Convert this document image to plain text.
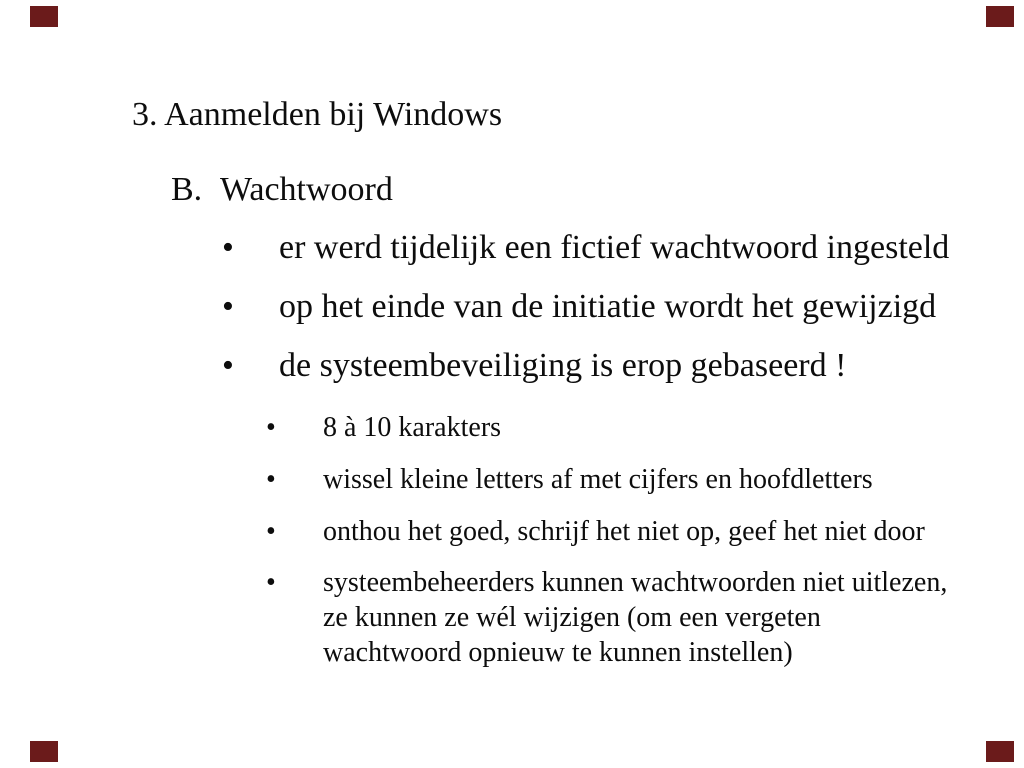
3. Aanmelden bij Windows
B. Wachtwoord
• er werd tijdelijk een fictief wachtwoord ingesteld
• op het einde van de initiatie wordt het gewijzigd
• de systeembeveiliging is erop gebaseerd !
• 8 à 10 karakters
• wissel kleine letters af met cijfers en hoofdletters
• onthou het goed, schrijf het niet op, geef het niet door
• systeembeheerders kunnen wachtwoorden niet uitlezen,
ze kunnen ze wél wijzigen (om een vergeten
wachtwoord opnieuw te kunnen instellen)
